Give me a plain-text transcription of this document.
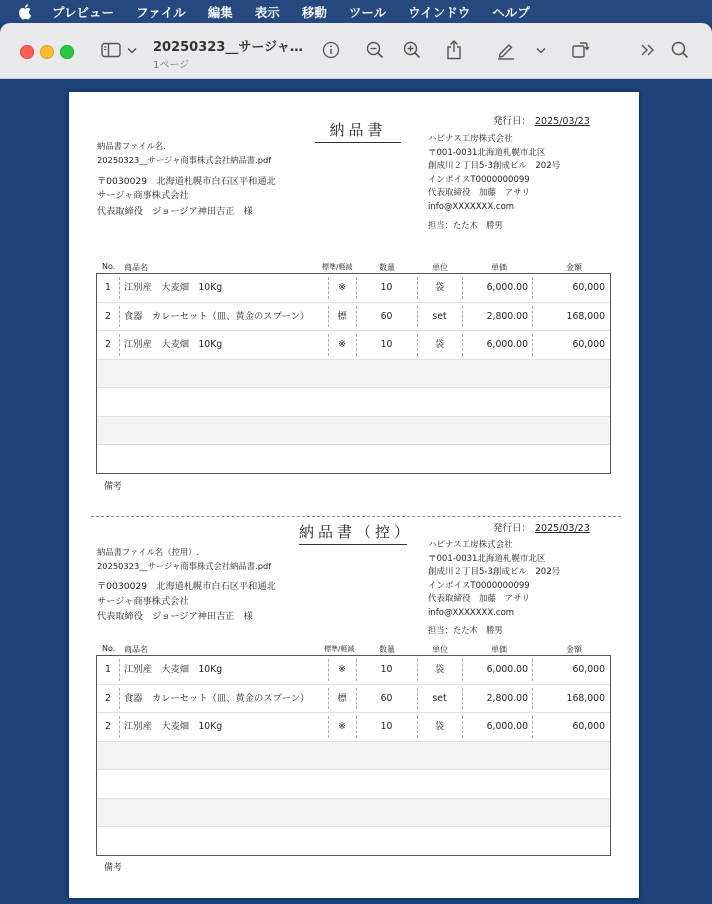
プレビュー ファイル 編集 表示 移動 ツール ウインドウ ヘルプ
20250323__サージャ…
1ページ
納品書	発行日： 2025/03/23
納品書ファイル名.
20250323__サージャ商事株式会社納品書.pdf
〒0030029　北海道札幌市白石区平和通北
サージャ商事株式会社
代表取締役　ジョージア神田吉正　様
ハピナス工房株式会社
〒001-0031北海道札幌市北区
創成川２丁目5-3創成ビル　202号
インボイスT0000000099
代表取締役　加藤　アサリ
info@XXXXXXX.com
担当：たた木　勝男
No. 商品名	標準/軽減	数量	単位	単価	金額
1 江別産　大麦畑　10Kg	※	10	袋	6,000.00	60,000
2 食器　カレーセット（皿、黄金のスプーン）	標	60	set	2,800.00	168,000
2 江別産　大麦畑　10Kg	※	10	袋	6,000.00	60,000
備考
納品書（控）	発行日： 2025/03/23
納品書ファイル名（控用）.
20250323__サージャ商事株式会社納品書.pdf
〒0030029　北海道札幌市白石区平和通北
サージャ商事株式会社
代表取締役　ジョージア神田吉正　様
ハピナス工房株式会社
〒001-0031北海道札幌市北区
創成川２丁目5-3創成ビル　202号
インボイスT0000000099
代表取締役　加藤　アサリ
info@XXXXXXX.com
担当：たた木　勝男
No. 商品名	標準/軽減	数量	単位	単価	金額
1 江別産　大麦畑　10Kg	※	10	袋	6,000.00	60,000
2 食器　カレーセット（皿、黄金のスプーン）	標	60	set	2,800.00	168,000
2 江別産　大麦畑　10Kg	※	10	袋	6,000.00	60,000
備考
